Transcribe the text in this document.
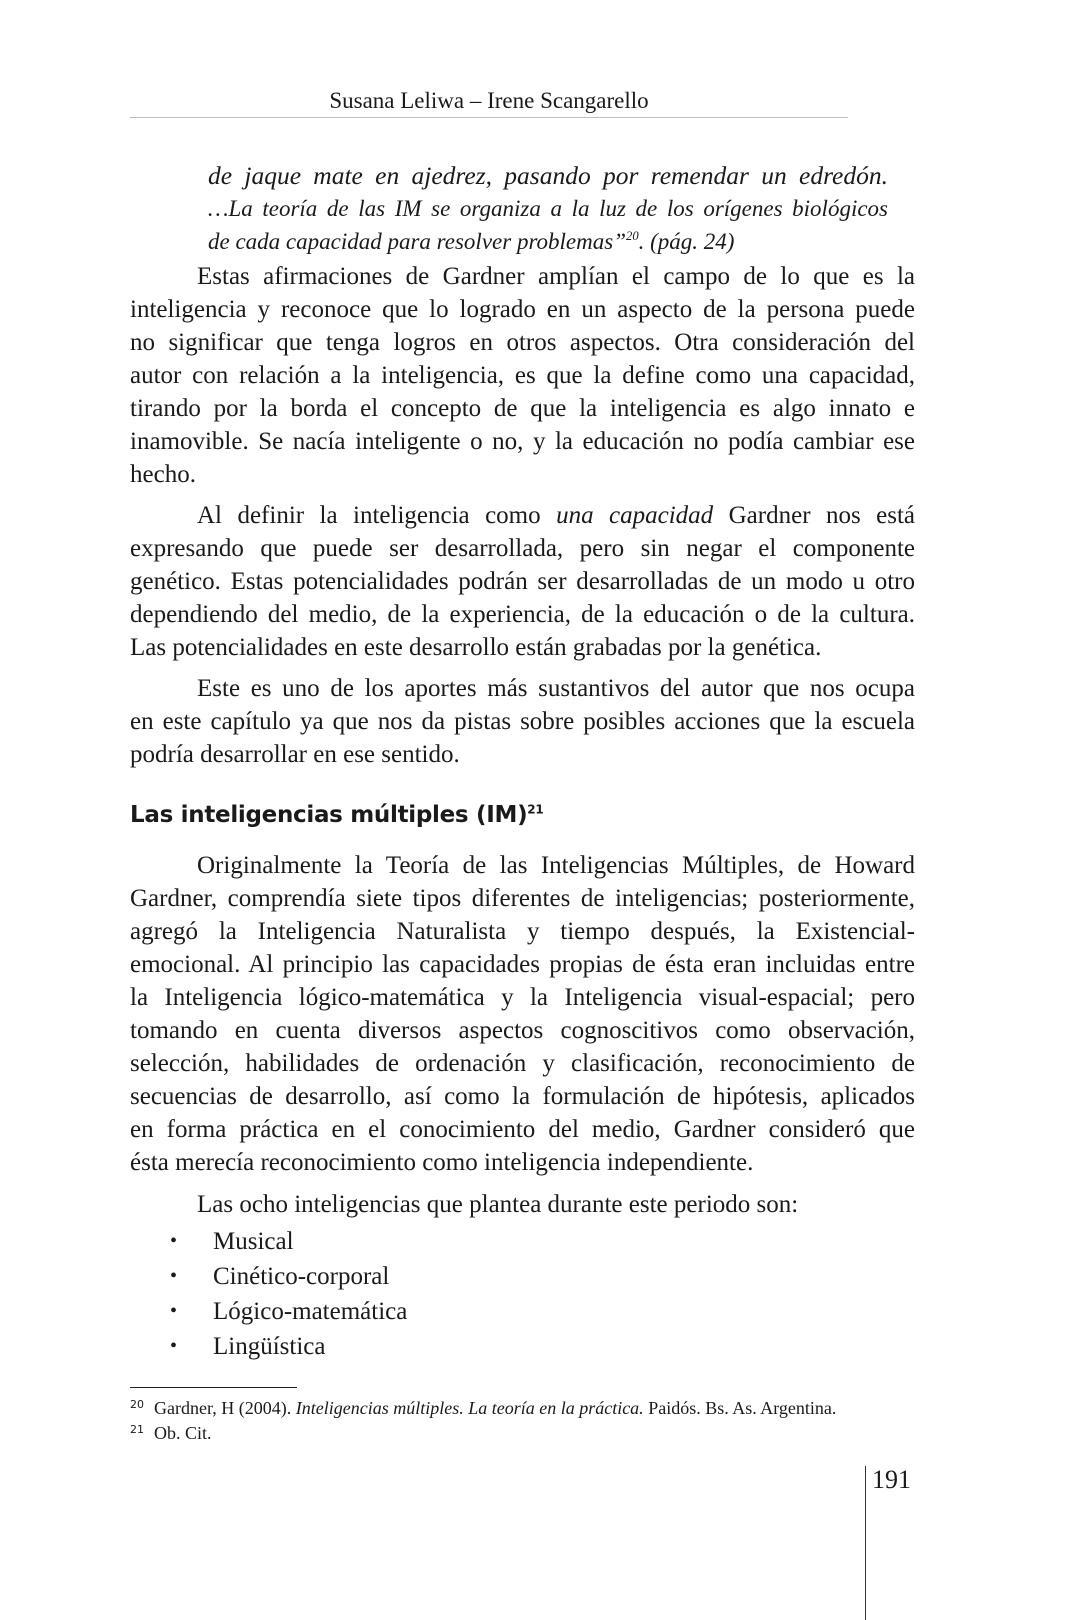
Susana Leliwa – Irene Scangarello
de jaque mate en ajedrez, pasando por remendar un edredón.
…La teoría de las IM se organiza a la luz de los orígenes biológicos
de cada capacidad para resolver problemas”$^{20}$. (pág. 24)
Estas afirmaciones de Gardner amplían el campo de lo que es la
inteligencia y reconoce que lo logrado en un aspecto de la persona puede
no significar que tenga logros en otros aspectos. Otra consideración del
autor con relación a la inteligencia, es que la define como una capacidad,
tirando por la borda el concepto de que la inteligencia es algo innato e
inamovible. Se nacía inteligente o no, y la educación no podía cambiar ese
hecho.
Al definir la inteligencia como una capacidad Gardner nos está
expresando que puede ser desarrollada, pero sin negar el componente
genético. Estas potencialidades podrán ser desarrolladas de un modo u otro
dependiendo del medio, de la experiencia, de la educación o de la cultura.
Las potencialidades en este desarrollo están grabadas por la genética.
Este es uno de los aportes más sustantivos del autor que nos ocupa
en este capítulo ya que nos da pistas sobre posibles acciones que la escuela
podría desarrollar en ese sentido.
Las inteligencias múltiples (IM)$^{21}$
Originalmente la Teoría de las Inteligencias Múltiples, de Howard
Gardner, comprendía siete tipos diferentes de inteligencias; posteriormente,
agregó la Inteligencia Naturalista y tiempo después, la Existencial-
emocional. Al principio las capacidades propias de ésta eran incluidas entre
la Inteligencia lógico-matemática y la Inteligencia visual-espacial; pero
tomando en cuenta diversos aspectos cognoscitivos como observación,
selección, habilidades de ordenación y clasificación, reconocimiento de
secuencias de desarrollo, así como la formulación de hipótesis, aplicados
en forma práctica en el conocimiento del medio, Gardner consideró que
ésta merecía reconocimiento como inteligencia independiente.
Las ocho inteligencias que plantea durante este periodo son:
•	Musical
•	Cinético-corporal
•	Lógico-matemática
•	Lingüística
20 Gardner, H (2004). Inteligencias múltiples. La teoría en la práctica. Paidós. Bs. As. Argentina.
21 Ob. Cit.
191
